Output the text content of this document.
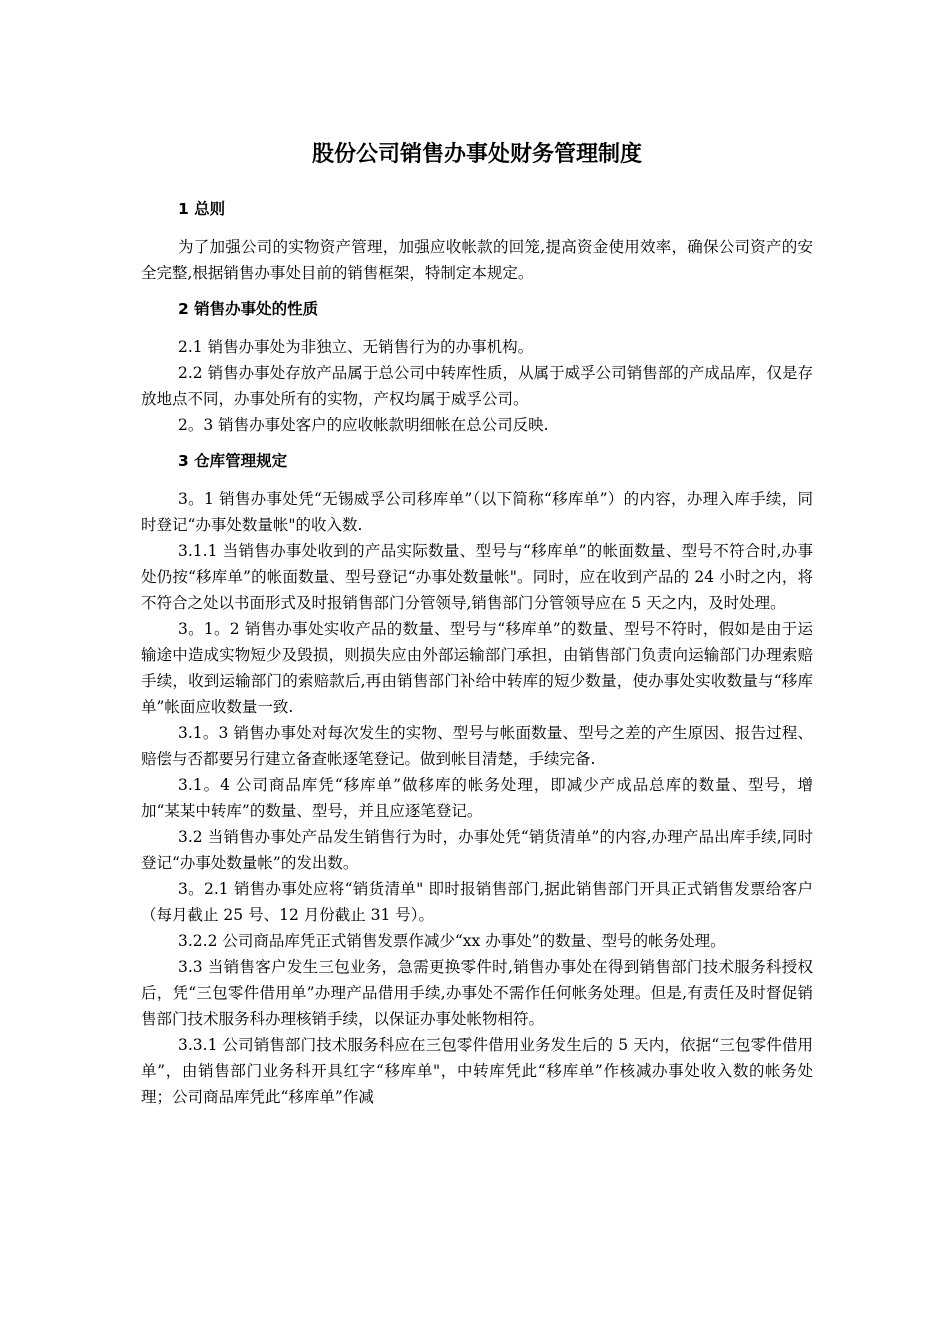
股份公司销售办事处财务管理制度
1 总则

为了加强公司的实物资产管理，加强应收帐款的回笼,提高资金使用效率，确保公司资产的安全完整,根据销售办事处目前的销售框架，特制定本规定。

2 销售办事处的性质

2.1 销售办事处为非独立、无销售行为的办事机构。

2.2 销售办事处存放产品属于总公司中转库性质，从属于威孚公司销售部的产成品库，仅是存放地点不同，办事处所有的实物，产权均属于威孚公司。

2。3 销售办事处客户的应收帐款明细帐在总公司反映.

3 仓库管理规定

3。1 销售办事处凭“无锡威孚公司移库单”（以下简称“移库单”）的内容，办理入库手续，同时登记“办事处数量帐"的收入数.

3.1.1 当销售办事处收到的产品实际数量、型号与“移库单”的帐面数量、型号不符合时,办事处仍按“移库单”的帐面数量、型号登记“办事处数量帐"。同时，应在收到产品的 24 小时之内，将不符合之处以书面形式及时报销售部门分管领导,销售部门分管领导应在 5 天之内，及时处理。

3。1。2 销售办事处实收产品的数量、型号与“移库单”的数量、型号不符时，假如是由于运输途中造成实物短少及毁损，则损失应由外部运输部门承担，由销售部门负责向运输部门办理索赔手续，收到运输部门的索赔款后,再由销售部门补给中转库的短少数量，使办事处实收数量与“移库单”帐面应收数量一致.

3.1。3 销售办事处对每次发生的实物、型号与帐面数量、型号之差的产生原因、报告过程、赔偿与否都要另行建立备查帐逐笔登记。做到帐目清楚，手续完备.

3.1。4 公司商品库凭“移库单”做移库的帐务处理，即减少产成品总库的数量、型号，增加“某某中转库”的数量、型号，并且应逐笔登记。

3.2 当销售办事处产品发生销售行为时，办事处凭“销货清单”的内容,办理产品出库手续,同时登记“办事处数量帐”的发出数。

3。2.1 销售办事处应将“销货清单" 即时报销售部门,据此销售部门开具正式销售发票给客户（每月截止 25 号、12 月份截止 31 号）。

3.2.2 公司商品库凭正式销售发票作减少“xx 办事处”的数量、型号的帐务处理。

3.3 当销售客户发生三包业务，急需更换零件时,销售办事处在得到销售部门技术服务科授权后，凭“三包零件借用单”办理产品借用手续,办事处不需作任何帐务处理。但是,有责任及时督促销售部门技术服务科办理核销手续，以保证办事处帐物相符。

3.3.1 公司销售部门技术服务科应在三包零件借用业务发生后的 5 天内，依据“三包零件借用单”，由销售部门业务科开具红字“移库单"，中转库凭此“移库单”作核减办事处收入数的帐务处理；公司商品库凭此“移库单”作减
